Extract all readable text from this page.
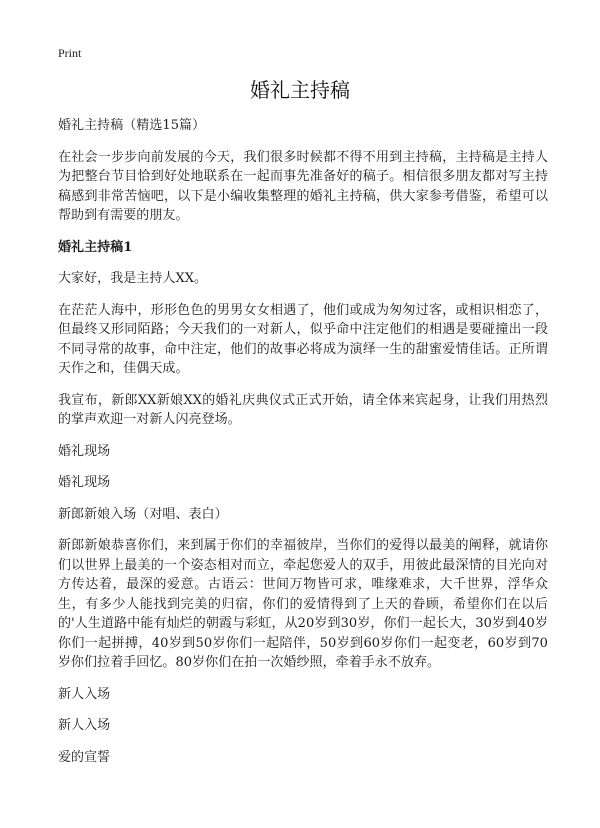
Print
婚礼主持稿

婚礼主持稿（精选15篇）

在社会一步步向前发展的今天，我们很多时候都不得不用到主持稿，主持稿是主持人为把整台节目恰到好处地联系在一起而事先准备好的稿子。相信很多朋友都对写主持稿感到非常苦恼吧，以下是小编收集整理的婚礼主持稿，供大家参考借鉴，希望可以帮助到有需要的朋友。

婚礼主持稿1

大家好，我是主持人XX。

在茫茫人海中，形形色色的男男女女相遇了，他们或成为匆匆过客，或相识相恋了，但最终又形同陌路；今天我们的一对新人，似乎命中注定他们的相遇是要碰撞出一段不同寻常的故事，命中注定，他们的故事必将成为演绎一生的甜蜜爱情佳话。正所谓天作之和，佳偶天成。

我宣布，新郎XX新娘XX的婚礼庆典仪式正式开始，请全体来宾起身，让我们用热烈的掌声欢迎一对新人闪亮登场。

婚礼现场

婚礼现场

新郎新娘入场（对唱、表白）

新郎新娘恭喜你们，来到属于你们的幸福彼岸，当你们的爱得以最美的阐释，就请你们以世界上最美的一个姿态相对而立，牵起您爱人的双手，用彼此最深情的目光向对方传达着，最深的爱意。古语云：世间万物皆可求，唯缘难求，大千世界，浮华众生，有多少人能找到完美的归宿，你们的爱情得到了上天的眷顾，希望你们在以后的'人生道路中能有灿烂的朝霞与彩虹，从20岁到30岁，你们一起长大，30岁到40岁你们一起拼搏，40岁到50岁你们一起陪伴，50岁到60岁你们一起变老，60岁到70岁你们拉着手回忆。80岁你们在拍一次婚纱照，牵着手永不放弃。

新人入场

新人入场

爱的宣誓
